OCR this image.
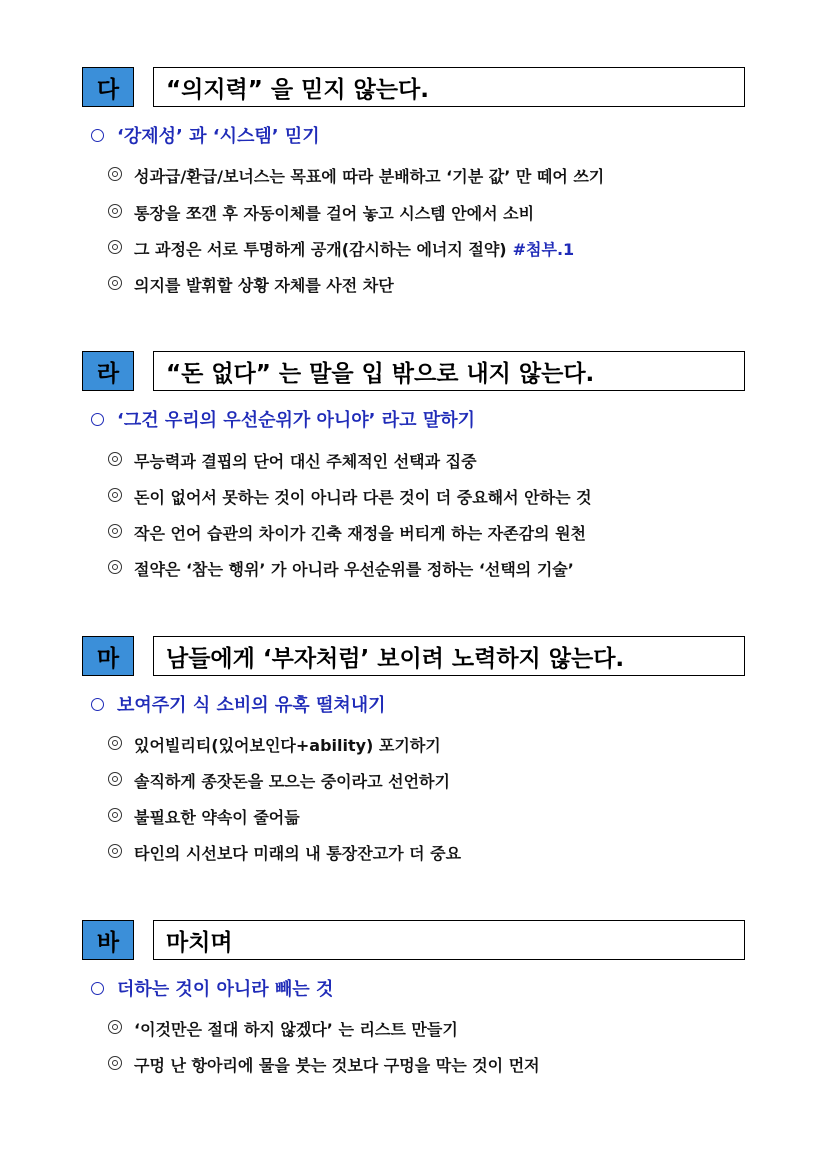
다	“의지력” 을 믿지 않는다.
‘강제성’ 과 ‘시스템’ 믿기
성과급/환급/보너스는 목표에 따라 분배하고 ‘기분 값’ 만 떼어 쓰기
통장을 쪼갠 후 자동이체를 걸어 놓고 시스템 안에서 소비
그 과정은 서로 투명하게 공개(감시하는 에너지 절약) #첨부.1
의지를 발휘할 상황 자체를 사전 차단
라	“돈 없다” 는 말을 입 밖으로 내지 않는다.
‘그건 우리의 우선순위가 아니야’ 라고 말하기
무능력과 결핍의 단어 대신 주체적인 선택과 집중
돈이 없어서 못하는 것이 아니라 다른 것이 더 중요해서 안하는 것
작은 언어 습관의 차이가 긴축 재정을 버티게 하는 자존감의 원천
절약은 ‘참는 행위’ 가 아니라 우선순위를 정하는 ‘선택의 기술’
마	남들에게 ‘부자처럼’ 보이려 노력하지 않는다.
보여주기 식 소비의 유혹 떨쳐내기
있어빌리티(있어보인다+ability) 포기하기
솔직하게 종잣돈을 모으는 중이라고 선언하기
불필요한 약속이 줄어듦
타인의 시선보다 미래의 내 통장잔고가 더 중요
바	마치며
더하는 것이 아니라 빼는 것
‘이것만은 절대 하지 않겠다’ 는 리스트 만들기
구멍 난 항아리에 물을 붓는 것보다 구멍을 막는 것이 먼저
